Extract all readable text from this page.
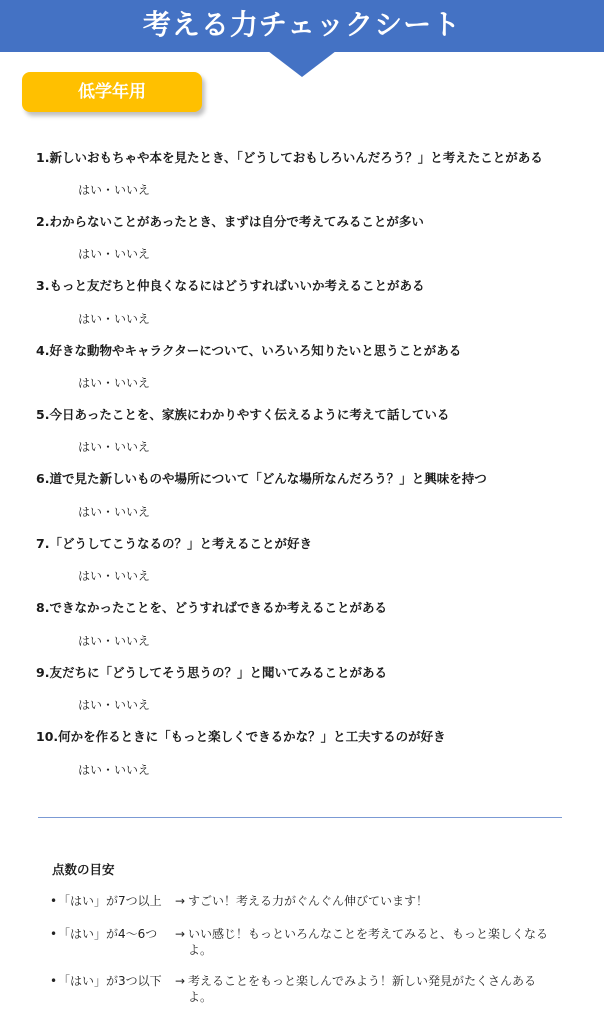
考える力チェックシート
低学年用
1.新しいおもちゃや本を見たとき、「どうしておもしろいんだろう？」と考えたことがある
はい・いいえ
2.わからないことがあったとき、まずは自分で考えてみることが多い
はい・いいえ
3.もっと友だちと仲良くなるにはどうすればいいか考えることがある
はい・いいえ
4.好きな動物やキャラクターについて、いろいろ知りたいと思うことがある
はい・いいえ
5.今日あったことを、家族にわかりやすく伝えるように考えて話している
はい・いいえ
6.道で見た新しいものや場所について「どんな場所なんだろう？」と興味を持つ
はい・いいえ
7.「どうしてこうなるの？」と考えることが好き
はい・いいえ
8.できなかったことを、どうすればできるか考えることがある
はい・いいえ
9.友だちに「どうしてそう思うの？」と聞いてみることがある
はい・いいえ
10.何かを作るときに「もっと楽しくできるかな？」と工夫するのが好き
はい・いいえ
点数の目安
• 「はい」が7つ以上 → すごい！考える力がぐんぐん伸びています！
• 「はい」が4〜6つ → いい感じ！もっといろんなことを考えてみると、もっと楽しくなるよ。
• 「はい」が3つ以下 → 考えることをもっと楽しんでみよう！新しい発見がたくさんあるよ。
